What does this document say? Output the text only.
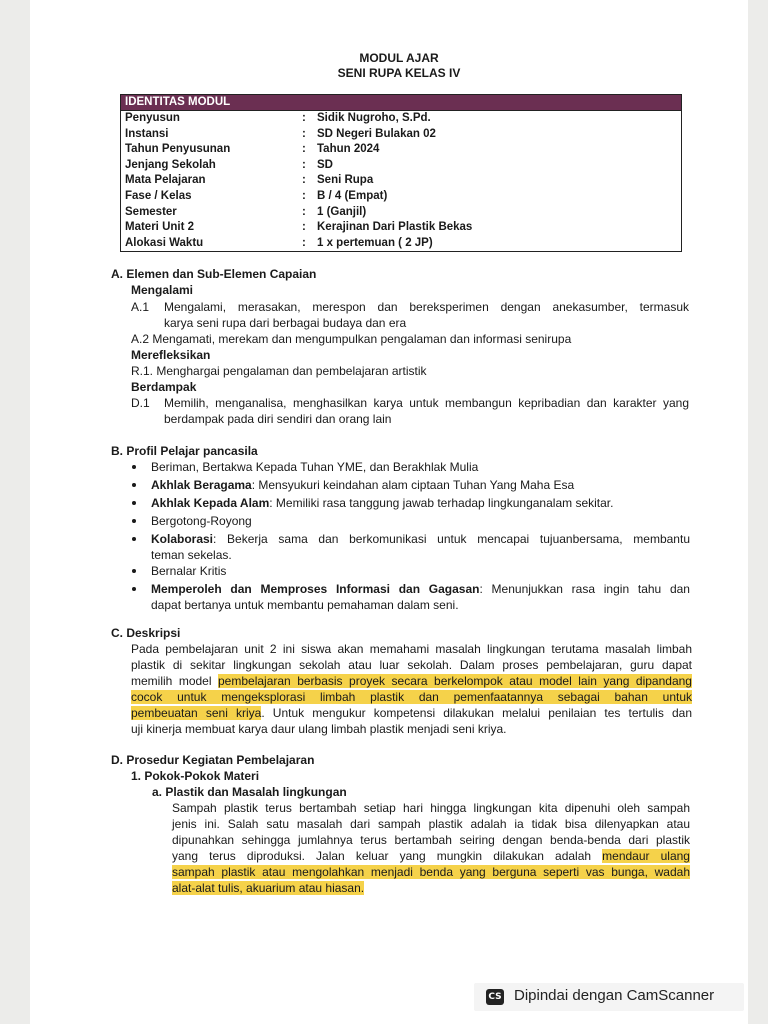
MODUL AJAR
SENI RUPA KELAS IV
IDENTITAS MODUL
Penyusun	: Sidik Nugroho, S.Pd.
Instansi	: SD Negeri Bulakan 02
Tahun Penyusunan	: Tahun 2024
Jenjang Sekolah	: SD
Mata Pelajaran	: Seni Rupa
Fase / Kelas	: B / 4 (Empat)
Semester	: 1 (Ganjil)
Materi Unit 2	: Kerajinan Dari Plastik Bekas
Alokasi Waktu	: 1 x pertemuan ( 2 JP)
A. Elemen dan Sub-Elemen Capaian
Mengalami
A.1 Mengalami, merasakan, merespon dan bereksperimen dengan anekasumber, termasuk
karya seni rupa dari berbagai budaya dan era
A.2 Mengamati, merekam dan mengumpulkan pengalaman dan informasi senirupa
Merefleksikan
R.1. Menghargai pengalaman dan pembelajaran artistik
Berdampak
D.1 Memilih, menganalisa, menghasilkan karya untuk membangun kepribadian dan karakter yang
berdampak pada diri sendiri dan orang lain
B. Profil Pelajar pancasila
Beriman, Bertakwa Kepada Tuhan YME, dan Berakhlak Mulia
Akhlak Beragama: Mensyukuri keindahan alam ciptaan Tuhan Yang Maha Esa
Akhlak Kepada Alam: Memiliki rasa tanggung jawab terhadap lingkunganalam sekitar.
Bergotong-Royong
Kolaborasi: Bekerja sama dan berkomunikasi untuk mencapai tujuanbersama, membantu
teman sekelas.
Bernalar Kritis
Memperoleh dan Memproses Informasi dan Gagasan: Menunjukkan rasa ingin tahu dan
dapat bertanya untuk membantu pemahaman dalam seni.
C. Deskripsi
Pada pembelajaran unit 2 ini siswa akan memahami masalah lingkungan terutama masalah limbah
plastik di sekitar lingkungan sekolah atau luar sekolah. Dalam proses pembelajaran, guru dapat
memilih model pembelajaran berbasis proyek secara berkelompok atau model lain yang dipandang
cocok untuk mengeksplorasi limbah plastik dan pemenfaatannya sebagai bahan untuk
pembeuatan seni kriya. Untuk mengukur kompetensi dilakukan melalui penilaian tes tertulis dan
uji kinerja membuat karya daur ulang limbah plastik menjadi seni kriya.
D. Prosedur Kegiatan Pembelajaran
1. Pokok-Pokok Materi
a. Plastik dan Masalah lingkungan
Sampah plastik terus bertambah setiap hari hingga lingkungan kita dipenuhi oleh sampah
jenis ini. Salah satu masalah dari sampah plastik adalah ia tidak bisa dilenyapkan atau
dipunahkan sehingga jumlahnya terus bertambah seiring dengan benda-benda dari plastik
yang terus diproduksi. Jalan keluar yang mungkin dilakukan adalah mendaur ulang
sampah plastik atau mengolahkan menjadi benda yang berguna seperti vas bunga, wadah
alat-alat tulis, akuarium atau hiasan.
CS Dipindai dengan CamScanner
